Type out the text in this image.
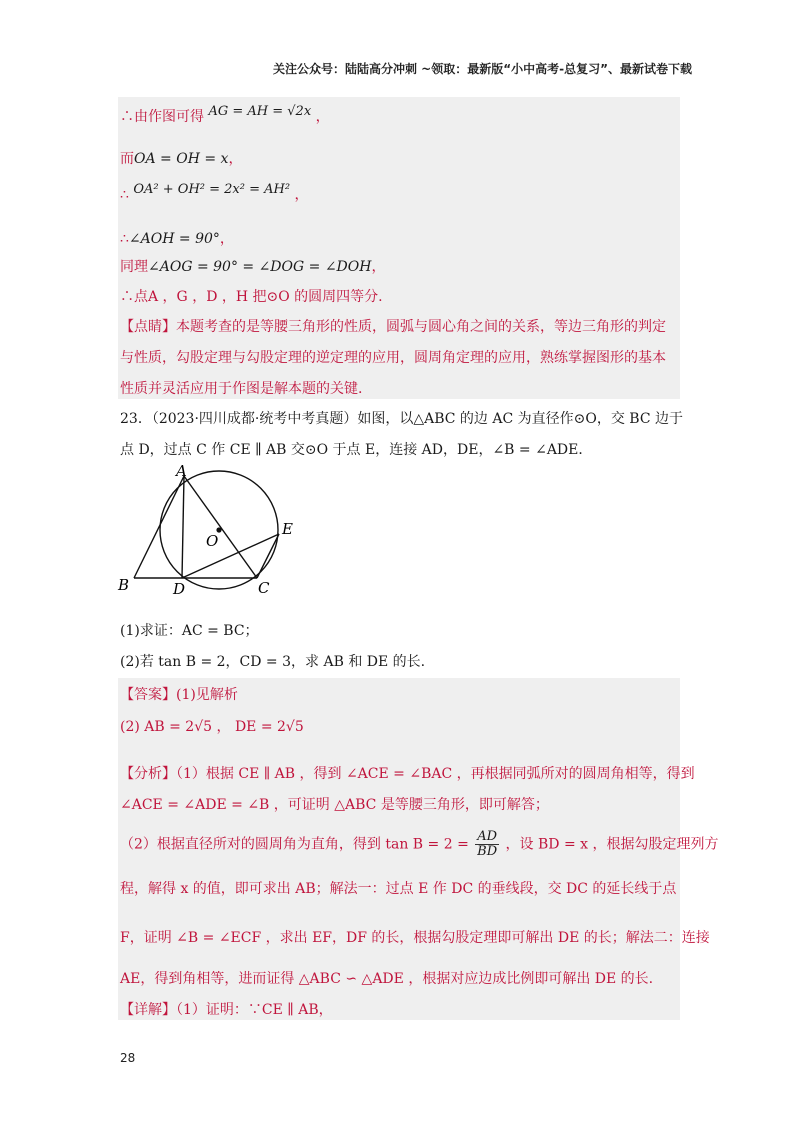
关注公众号：陆陆高分冲刺 ~领取：最新版“小中高考-总复习”、最新试卷下载
∴由作图可得 AG = AH = √2x ，
而OA = OH = x，
∴ OA² + OH² = 2x² = AH² ，
∴∠AOH = 90°，
同理∠AOG = 90° = ∠DOG = ∠DOH，
∴点A ，G ，D ，H 把⊙O 的圆周四等分.
【点睛】本题考查的是等腰三角形的性质，圆弧与圆心角之间的关系，等边三角形的判定
与性质，勾股定理与勾股定理的逆定理的应用，圆周角定理的应用，熟练掌握图形的基本
性质并灵活应用于作图是解本题的关键.
23．（2023·四川成都·统考中考真题）如图，以△ABC 的边 AC 为直径作⊙O，交 BC 边于
点 D，过点 C 作 CE ∥ AB 交⊙O 于点 E，连接 AD，DE，∠B = ∠ADE．
A
B	C
D
E
O
(1)求证：AC = BC；
(2)若 tan B = 2，CD = 3，求 AB 和 DE 的长.
【答案】(1)见解析
(2) AB = 2√5 ， DE = 2√5
【分析】（1）根据 CE ∥ AB ，得到 ∠ACE = ∠BAC ，再根据同弧所对的圆周角相等，得到
∠ACE = ∠ADE = ∠B ，可证明 △ABC 是等腰三角形，即可解答；
（2）根据直径所对的圆周角为直角，得到 $\tan B = 2 = \frac{AD}{BD}$ ，设 BD = x ，根据勾股定理列方
程，解得 x 的值，即可求出 AB；解法一：过点 E 作 DC 的垂线段，交 DC 的延长线于点
F，证明 ∠B = ∠ECF ，求出 EF，DF 的长，根据勾股定理即可解出 DE 的长；解法二：连接
AE，得到角相等，进而证得 △ABC ∽ △ADE ，根据对应边成比例即可解出 DE 的长.
【详解】（1）证明：∵CE ∥ AB，
28
